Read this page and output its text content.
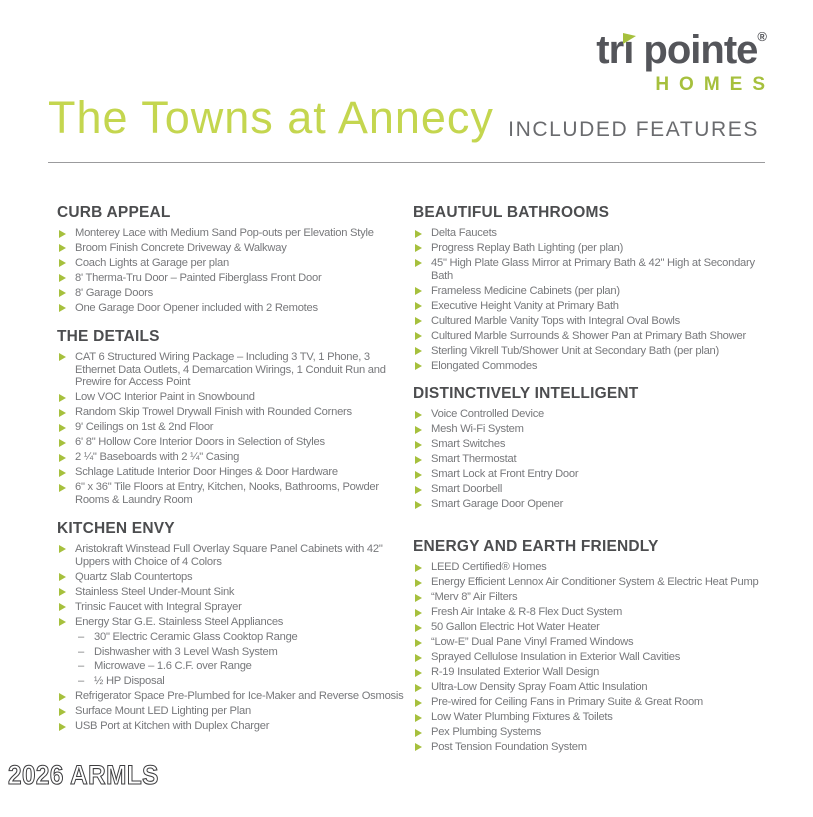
The Towns at Annecy
tr
ı pointe®
HOMES
INCLUDED FEATURES
CURB APPEAL
Monterey Lace with Medium Sand Pop-outs per Elevation Style
Broom Finish Concrete Driveway & Walkway
Coach Lights at Garage per plan
8' Therma-Tru Door – Painted Fiberglass Front Door
8' Garage Doors
One Garage Door Opener included with 2 Remotes
THE DETAILS
CAT 6 Structured Wiring Package – Including 3 TV, 1 Phone, 3 Ethernet Data Outlets, 4 Demarcation Wirings, 1 Conduit Run and Prewire for Access Point
Low VOC Interior Paint in Snowbound
Random Skip Trowel Drywall Finish with Rounded Corners
9' Ceilings on 1st & 2nd Floor
6' 8" Hollow Core Interior Doors in Selection of Styles
2 ¼" Baseboards with 2 ¼" Casing
Schlage Latitude Interior Door Hinges & Door Hardware
6" x 36" Tile Floors at Entry, Kitchen, Nooks, Bathrooms, Powder Rooms & Laundry Room
KITCHEN ENVY
Aristokraft Winstead Full Overlay Square Panel Cabinets with 42" Uppers with Choice of 4 Colors
Quartz Slab Countertops
Stainless Steel Under-Mount Sink
Trinsic Faucet with Integral Sprayer
Energy Star G.E. Stainless Steel Appliances
– 30" Electric Ceramic Glass Cooktop Range
– Dishwasher with 3 Level Wash System
– Microwave – 1.6 C.F. over Range
– ½ HP Disposal
Refrigerator Space Pre-Plumbed for Ice-Maker and Reverse Osmosis
Surface Mount LED Lighting per Plan
USB Port at Kitchen with Duplex Charger
BEAUTIFUL BATHROOMS
Delta Faucets
Progress Replay Bath Lighting (per plan)
45" High Plate Glass Mirror at Primary Bath & 42" High at Secondary Bath
Frameless Medicine Cabinets (per plan)
Executive Height Vanity at Primary Bath
Cultured Marble Vanity Tops with Integral Oval Bowls
Cultured Marble Surrounds & Shower Pan at Primary Bath Shower
Sterling Vikrell Tub/Shower Unit at Secondary Bath (per plan)
Elongated Commodes
DISTINCTIVELY INTELLIGENT
Voice Controlled Device
Mesh Wi-Fi System
Smart Switches
Smart Thermostat
Smart Lock at Front Entry Door
Smart Doorbell
Smart Garage Door Opener
ENERGY AND EARTH FRIENDLY
LEED Certified® Homes
Energy Efficient Lennox Air Conditioner System & Electric Heat Pump
“Merv 8” Air Filters
Fresh Air Intake & R-8 Flex Duct System
50 Gallon Electric Hot Water Heater
“Low-E” Dual Pane Vinyl Framed Windows
Sprayed Cellulose Insulation in Exterior Wall Cavities
R-19 Insulated Exterior Wall Design
Ultra-Low Density Spray Foam Attic Insulation
Pre-wired for Ceiling Fans in Primary Suite & Great Room
Low Water Plumbing Fixtures & Toilets
Pex Plumbing Systems
Post Tension Foundation System
2026 ARMLS
